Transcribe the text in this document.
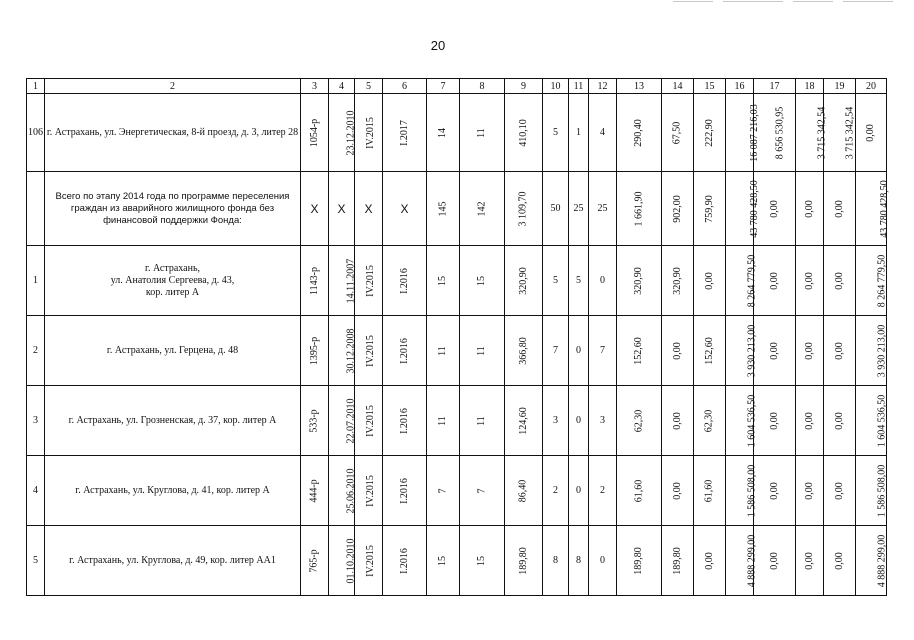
20
1	2	3	4	5	6	7	8	9	10	11	12	13	14	15	16	17	18	19	20
106	г. Астрахань, ул. Энергетическая, 8-й проезд, д. 3, литер 28	1054-р	23.12.2010	IV.2015	I.2017	14	11	410,10	5	1	4	290,40	67,50	222,90	16 087 216,03	8 656 530,95	3 715 342,54	3 715 342,54	0,00
	Всего по этапу 2014 года по программе переселения граждан из аварийного жилищного фонда без финансовой поддержки Фонда:	X	X	X	X	145	142	3 109,70	50	25	25	1 661,90	902,00	759,90	43 780 428,50	0,00	0,00	0,00	43 780 428,50
1	г. Астрахань,
ул. Анатолия Сергеева, д. 43,
кор. литер А	1143-р	14.11.2007	IV.2015	I.2016	15	15	320,90	5	5	0	320,90	320,90	0,00	8 264 779,50	0,00	0,00	0,00	8 264 779,50
2	г. Астрахань, ул. Герцена, д. 48	1395-р	30.12.2008	IV.2015	I.2016	11	11	366,80	7	0	7	152,60	0,00	152,60	3 930 213,00	0,00	0,00	0,00	3 930 213,00
3	г. Астрахань, ул. Грозненская, д. 37, кор. литер А	533-р	22.07.2010	IV.2015	I.2016	11	11	124,60	3	0	3	62,30	0,00	62,30	1 604 536,50	0,00	0,00	0,00	1 604 536,50
4	г. Астрахань, ул. Круглова, д. 41, кор. литер А	444-р	25.06.2010	IV.2015	I.2016	7	7	86,40	2	0	2	61,60	0,00	61,60	1 586 508,00	0,00	0,00	0,00	1 586 508,00
5	г. Астрахань, ул. Круглова, д. 49, кор. литер АА1	765-р	01.10.2010	IV.2015	I.2016	15	15	189,80	8	8	0	189,80	189,80	0,00	4 888 299,00	0,00	0,00	0,00	4 888 299,00
